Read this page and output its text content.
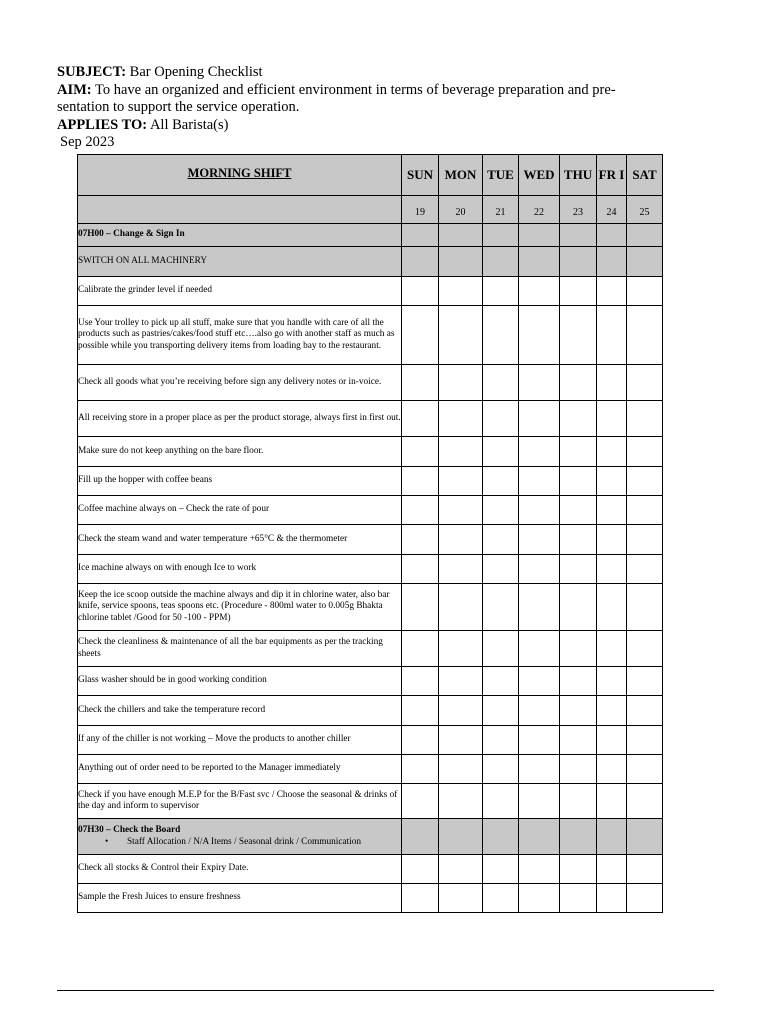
SUBJECT: Bar Opening Checklist

AIM: To have an organized and efficient environment in terms of beverage preparation and pre-

sentation to support the service operation.

APPLIES TO: All Barista(s)

Sep 2023

MORNING SHIFT	SUN	MON	TUE	WED	THU	FR I	SAT
	19	20	21	22	23	24	25
07H00 – Change & Sign In							
SWITCH ON ALL MACHINERY							
Calibrate the grinder level if needed							
Use Your trolley to pick up all stuff, make sure that you handle with care of all the products such as pastries/cakes/food stuff etc….also go with another staff as much as possible while you transporting delivery items from loading bay to the restaurant.							
Check all goods what you’re receiving before sign any delivery notes or in-voice.							
All receiving store in a proper place as per the product storage, always first in first out.							
Make sure do not keep anything on the bare floor.							
Fill up the hopper with coffee beans							
Coffee machine always on – Check the rate of pour							
Check the steam wand and water temperature +65°C & the thermometer							
Ice machine always on with enough Ice to work							
Keep the ice scoop outside the machine always and dip it in chlorine water, also bar knife, service spoons, teas spoons etc. (Procedure - 800ml water to 0.005g Bhakta chlorine tablet /Good for 50 -100 - PPM)							
Check the cleanliness & maintenance of all the bar equipments as per the tracking sheets							
Glass washer should be in good working condition							
Check the chillers and take the temperature record							
If any of the chiller is not working – Move the products to another chiller							
Anything out of order need to be reported to the Manager immediately							
Check if you have enough M.E.P for the B/Fast svc / Choose the seasonal & drinks of the day and inform to supervisor							
07H30 – Check the Board
• Staff Allocation / N/A Items / Seasonal drink / Communication							

Check all stocks & Control their Expiry Date.							
Sample the Fresh Juices to ensure freshness							
